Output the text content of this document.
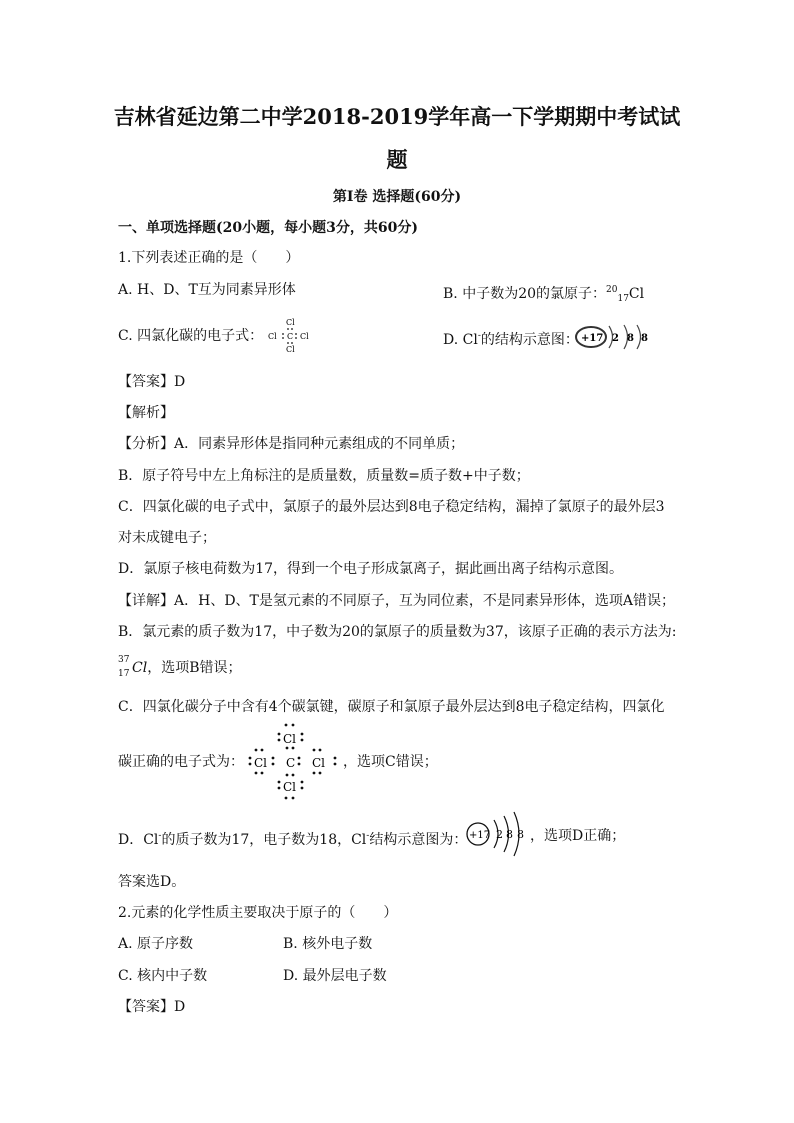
吉林省延边第二中学2018-2019学年高一下学期期中考试试
题
第Ⅰ卷 选择题(60分)
一、单项选择题(20小题，每小题3分，共60分)
1.下列表述正确的是（　　）
A. H、D、T互为同素异形体	B. 中子数为20的氯原子：$^{20}_{17}$Cl
C. 四氯化碳的电子式：
Cl
Cl C Cl
Cl
D. Cl-的结构示意图： +17 2 8 8
【答案】D
【解析】
【分析】A．同素异形体是指同种元素组成的不同单质；
B．原子符号中左上角标注的是质量数，质量数=质子数+中子数；
C．四氯化碳的电子式中，氯原子的最外层达到8电子稳定结构，漏掉了氯原子的最外层3
对未成键电子；
D．氯原子核电荷数为17，得到一个电子形成氯离子，据此画出离子结构示意图。
【详解】A．H、D、T是氢元素的不同原子，互为同位素，不是同素异形体，选项A错误；
B．氯元素的质子数为17，中子数为20的氯原子的质量数为37，该原子正确的表示方法为:
37
17 Cl，选项B错误；
C．四氯化碳分子中含有4个碳氯键，碳原子和氯原子最外层达到8电子稳定结构，四氯化
碳正确的电子式为：
Cl
Cl C Cl
Cl
，选项C错误；
D．Cl-的质子数为17，电子数为18，Cl-结构示意图为： +17 2 8 8 ，选项D正确；
答案选D。
2.元素的化学性质主要取决于原子的（　　）
A. 原子序数	B. 核外电子数
C. 核内中子数	D. 最外层电子数
【答案】D
